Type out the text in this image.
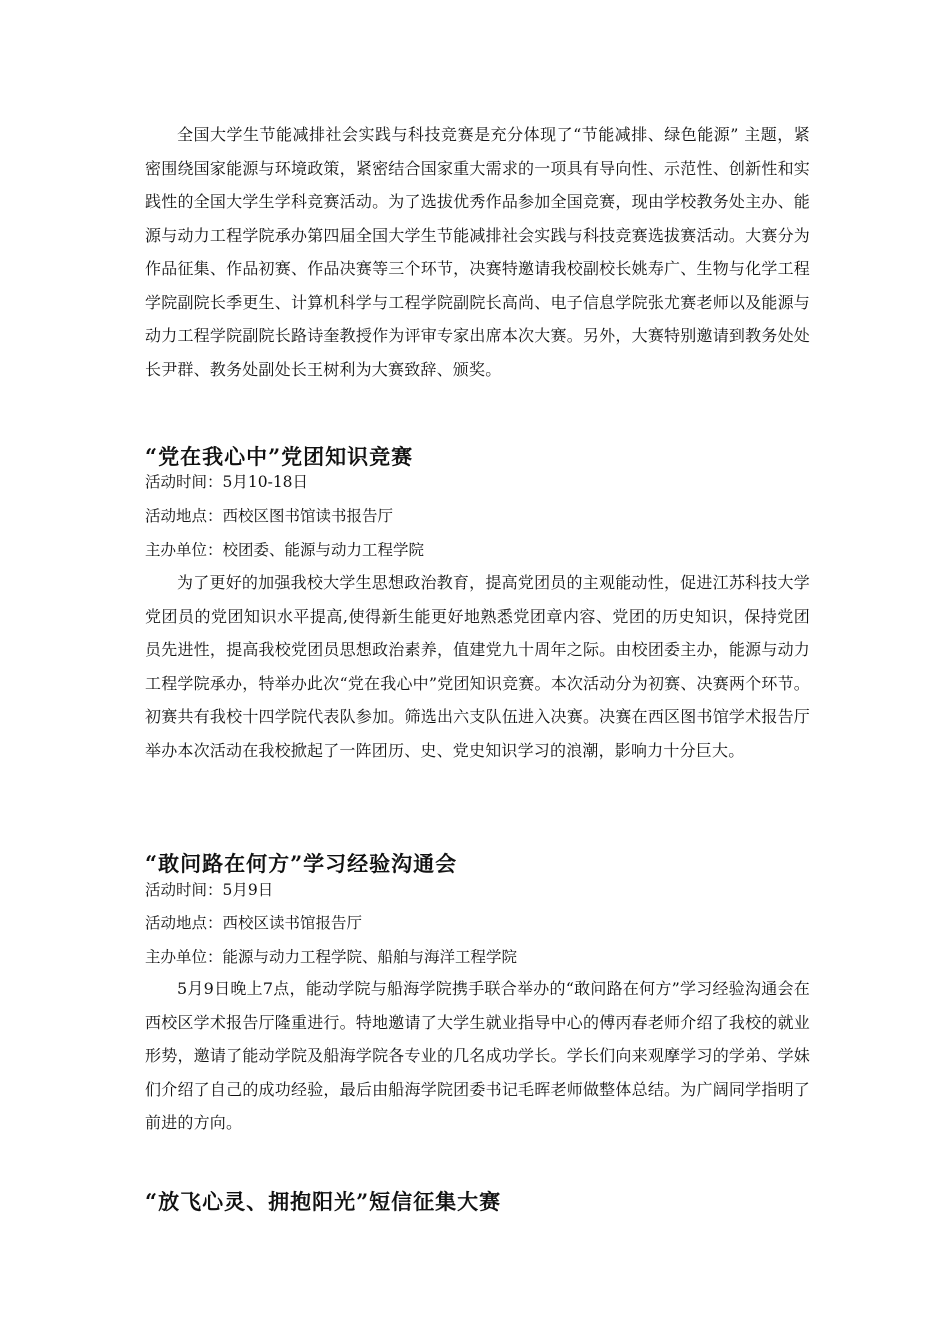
全国大学生节能减排社会实践与科技竞赛是充分体现了“节能减排、绿色能源” 主题，紧密围绕国家能源与环境政策，紧密结合国家重大需求的一项具有导向性、示范性、创新性和实践性的全国大学生学科竞赛活动。为了选拔优秀作品参加全国竞赛，现由学校教务处主办、能源与动力工程学院承办第四届全国大学生节能减排社会实践与科技竞赛选拔赛活动。大赛分为作品征集、作品初赛、作品决赛等三个环节，决赛特邀请我校副校长姚寿广、生物与化学工程学院副院长季更生、计算机科学与工程学院副院长高尚、电子信息学院张尤赛老师以及能源与动力工程学院副院长路诗奎教授作为评审专家出席本次大赛。另外，大赛特别邀请到教务处处长尹群、教务处副处长王树利为大赛致辞、颁奖。

“党在我心中”党团知识竞赛

活动时间：5月10-18日

活动地点：西校区图书馆读书报告厅

主办单位：校团委、能源与动力工程学院

为了更好的加强我校大学生思想政治教育，提高党团员的主观能动性，促进江苏科技大学党团员的党团知识水平提高,使得新生能更好地熟悉党团章内容、党团的历史知识，保持党团员先进性，提高我校党团员思想政治素养，值建党九十周年之际。由校团委主办，能源与动力工程学院承办，特举办此次“党在我心中”党团知识竞赛。本次活动分为初赛、决赛两个环节。初赛共有我校十四学院代表队参加。筛选出六支队伍进入决赛。决赛在西区图书馆学术报告厅举办本次活动在我校掀起了一阵团历、史、党史知识学习的浪潮，影响力十分巨大。

“敢问路在何方”学习经验沟通会

活动时间：5月9日

活动地点：西校区读书馆报告厅

主办单位：能源与动力工程学院、船舶与海洋工程学院

5月9日晚上7点，能动学院与船海学院携手联合举办的“敢问路在何方”学习经验沟通会在西校区学术报告厅隆重进行。特地邀请了大学生就业指导中心的傅丙春老师介绍了我校的就业形势，邀请了能动学院及船海学院各专业的几名成功学长。学长们向来观摩学习的学弟、学妹们介绍了自己的成功经验，最后由船海学院团委书记毛晖老师做整体总结。为广阔同学指明了前进的方向。

“放飞心灵、拥抱阳光”短信征集大赛
